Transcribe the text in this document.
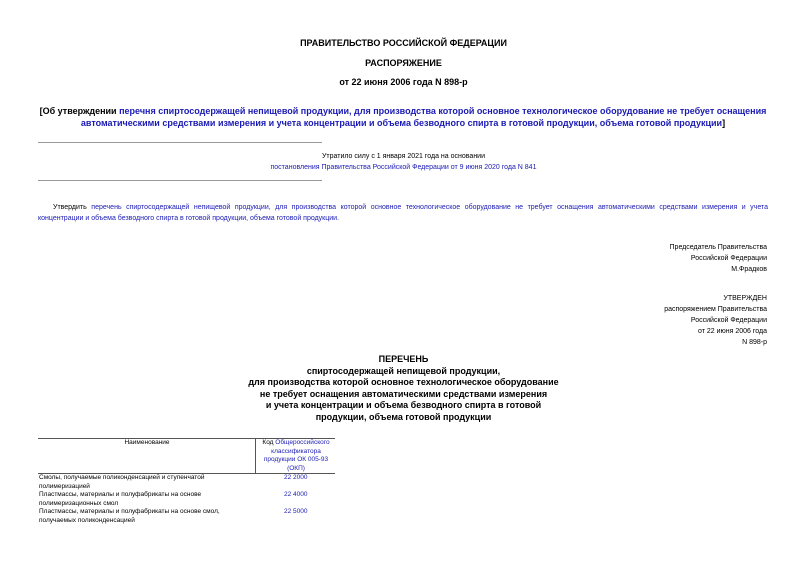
ПРАВИТЕЛЬСТВО РОССИЙСКОЙ ФЕДЕРАЦИИ
РАСПОРЯЖЕНИЕ
от 22 июня 2006 года N 898-р
[Об утверждении перечня спиртосодержащей непищевой продукции, для производства которой основное технологическое оборудование не требует оснащения автоматическими средствами измерения и учета концентрации и объема безводного спирта в готовой продукции, объема готовой продукции]
Утратило силу с 1 января 2021 года на основании
постановления Правительства Российской Федерации от 9 июня 2020 года N 841
Утвердить перечень спиртосодержащей непищевой продукции, для производства которой основное технологическое оборудование не требует оснащения автоматическими средствами измерения и учета концентрации и объема безводного спирта в готовой продукции, объема готовой продукции.
Председатель Правительства
Российской Федерации
М.Фрадков
УТВЕРЖДЕН
распоряжением Правительства
Российской Федерации
от 22 июня 2006 года
N 898-р
ПЕРЕЧЕНЬ
спиртосодержащей непищевой продукции,
для производства которой основное технологическое оборудование
не требует оснащения автоматическими средствами измерения
и учета концентрации и объема безводного спирта в готовой
продукции, объема готовой продукции
Наименование	Код Общероссийского классификатора продукции ОК 005-93 (ОКП)
Смолы, получаемые поликонденсацией и ступенчатой полимеризацией	22 2000
Пластмассы, материалы и полуфабрикаты на основе полимеризационных смол	22 4000
Пластмассы, материалы и полуфабрикаты на основе смол, получаемых поликонденсацией	22 5000
